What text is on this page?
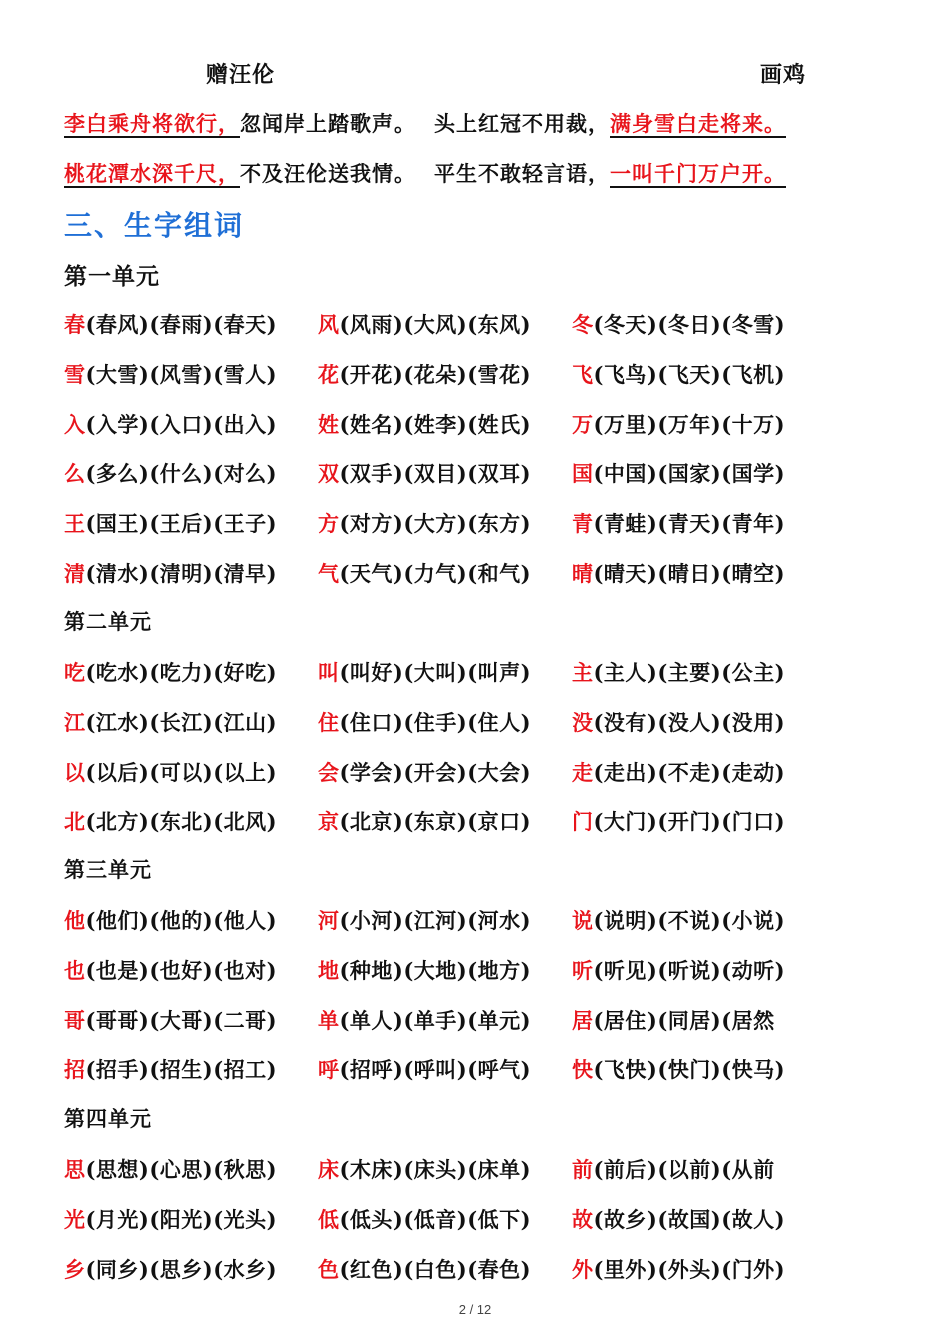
赠汪伦	画鸡
李白乘舟将欲行，忽闻岸上踏歌声。 头上红冠不用裁，满身雪白走将来。
桃花潭水深千尺，不及汪伦送我情。 平生不敢轻言语，一叫千门万户开。
三、生字组词
第一单元
春(春风)(春雨)(春天) 风(风雨)(大风)(东风) 冬(冬天)(冬日)(冬雪)
雪(大雪)(风雪)(雪人) 花(开花)(花朵)(雪花) 飞(飞鸟)(飞天)(飞机)
入(入学)(入口)(出入) 姓(姓名)(姓李)(姓氏) 万(万里)(万年)(十万)
么(多么)(什么)(对么) 双(双手)(双目)(双耳) 国(中国)(国家)(国学)
王(国王)(王后)(王子) 方(对方)(大方)(东方) 青(青蛙)(青天)(青年)
清(清水)(清明)(清早) 气(天气)(力气)(和气) 晴(晴天)(晴日)(晴空)
第二单元
吃(吃水)(吃力)(好吃) 叫(叫好)(大叫)(叫声) 主(主人)(主要)(公主)
江(江水)(长江)(江山) 住(住口)(住手)(住人) 没(没有)(没人)(没用)
以(以后)(可以)(以上) 会(学会)(开会)(大会) 走(走出)(不走)(走动)
北(北方)(东北)(北风) 京(北京)(东京)(京口) 门(大门)(开门)(门口)
第三单元
他(他们)(他的)(他人) 河(小河)(江河)(河水) 说(说明)(不说)(小说)
也(也是)(也好)(也对) 地(种地)(大地)(地方) 听(听见)(听说)(动听)
哥(哥哥)(大哥)(二哥) 单(单人)(单手)(单元) 居(居住)(同居)(居然
招(招手)(招生)(招工) 呼(招呼)(呼叫)(呼气) 快(飞快)(快门)(快马)
第四单元
思(思想)(心思)(秋思) 床(木床)(床头)(床单) 前(前后)(以前)(从前
光(月光)(阳光)(光头) 低(低头)(低音)(低下) 故(故乡)(故国)(故人)
乡(同乡)(思乡)(水乡) 色(红色)(白色)(春色) 外(里外)(外头)(门外)
2 / 12
